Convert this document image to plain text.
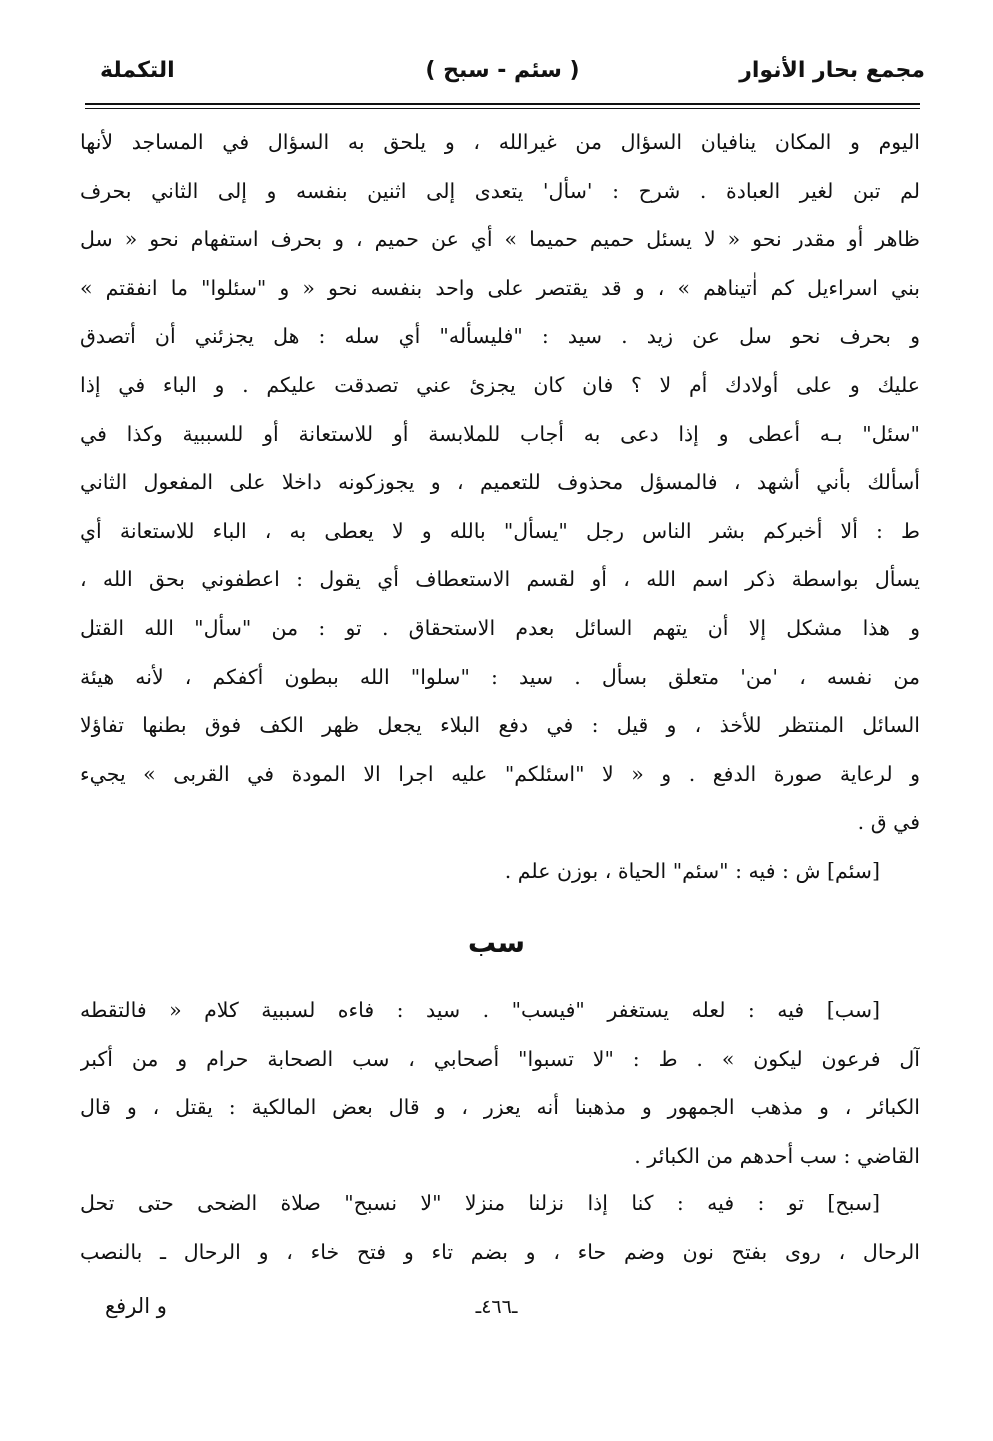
مجمع بحار الأنوار
( سئم - سبح )
التكملة
اليوم و المكان ينافيان السؤال من غيرالله ، و يلحق به السؤال في المساجد لأنها
لم تبن لغير العبادة . شرح : 'سأل' يتعدى إلى اثنين بنفسه و إلى الثاني بحرف
ظاهر أو مقدر نحو « لا يسئل حميم حميما » أي عن حميم ، و بحرف استفهام نحو « سل
بني اسراءيل كم اٰتيناهم » ، و قد يقتصر على واحد بنفسه نحو « و "سئلوا" ما انفقتم »
و بحرف نحو سل عن زيد . سيد : "فليسأله" أي سله : هل يجزئني أن أتصدق
عليك و على أولادك أم لا ؟ فان كان يجزئ عني تصدقت عليكم . و الباء في إذا
"سئل" بـه أعطى و إذا دعى به أجاب للملابسة أو للاستعانة أو للسببية وكذا في
أسألك بأني أشهد ، فالمسؤل محذوف للتعميم ، و يجوزكونه داخلا على المفعول الثاني
ط : ألا أخبركم بشر الناس رجل "يسأل" بالله و لا يعطى به ، الباء للاستعانة أي
يسأل بواسطة ذكر اسم الله ، أو لقسم الاستعطاف أي يقول : اعطفوني بحق الله ،
و هذا مشكل إلا أن يتهم السائل بعدم الاستحقاق . تو : من "سأل" الله القتل
من نفسه ، 'من' متعلق بسأل . سيد : "سلوا" الله ببطون أكفكم ، لأنه هيئة
السائل المنتظر للأخذ ، و قيل : في دفع البلاء يجعل ظهر الكف فوق بطنها تفاؤلا
و لرعاية صورة الدفع . و « لا "اسئلكم" عليه اجرا الا المودة في القربى » يجيء
في ق .
[سئم] ش : فيه : "سئم" الحياة ، بوزن علم .
سب
[سب] فيه : لعله يستغفر "فيسب" . سيد : فاءه لسببية كلام « فالتقطه
آل فرعون ليكون » . ط : "لا تسبوا" أصحابي ، سب الصحابة حرام و من أكبر
الكبائر ، و مذهب الجمهور و مذهبنا أنه يعزر ، و قال بعض المالكية : يقتل ، و قال
القاضي : سب أحدهم من الكبائر .
[سبح] تو : فيه : كنا إذا نزلنا منزلا "لا نسبح" صلاة الضحى حتى تحل
الرحال ، روى بفتح نون وضم حاء ، و بضم تاء و فتح خاء ، و الرحال ـ بالنصب
ـ٤٦٦ـ
و الرفع
